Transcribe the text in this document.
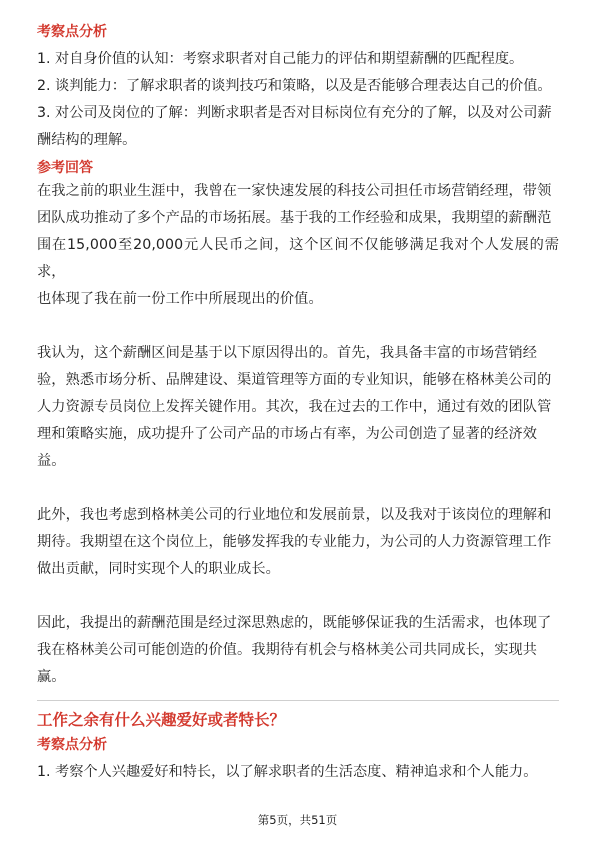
考察点分析

1. 对自身价值的认知：考察求职者对自己能力的评估和期望薪酬的匹配程度。

2. 谈判能力：了解求职者的谈判技巧和策略，以及是否能够合理表达自己的价值。

3. 对公司及岗位的了解：判断求职者是否对目标岗位有充分的了解，以及对公司薪

酬结构的理解。

参考回答

在我之前的职业生涯中，我曾在一家快速发展的科技公司担任市场营销经理，带领

团队成功推动了多个产品的市场拓展。基于我的工作经验和成果，我期望的薪酬范

围在15,000至20,000元人民币之间，这个区间不仅能够满足我对个人发展的需求，

也体现了我在前一份工作中所展现出的价值。

我认为，这个薪酬区间是基于以下原因得出的。首先，我具备丰富的市场营销经

验，熟悉市场分析、品牌建设、渠道管理等方面的专业知识，能够在格林美公司的

人力资源专员岗位上发挥关键作用。其次，我在过去的工作中，通过有效的团队管

理和策略实施，成功提升了公司产品的市场占有率，为公司创造了显著的经济效

益。

此外，我也考虑到格林美公司的行业地位和发展前景，以及我对于该岗位的理解和

期待。我期望在这个岗位上，能够发挥我的专业能力，为公司的人力资源管理工作

做出贡献，同时实现个人的职业成长。

因此，我提出的薪酬范围是经过深思熟虑的，既能够保证我的生活需求，也体现了

我在格林美公司可能创造的价值。我期待有机会与格林美公司共同成长，实现共

赢。

工作之余有什么兴趣爱好或者特长？

考察点分析

1. 考察个人兴趣爱好和特长，以了解求职者的生活态度、精神追求和个人能力。

第5页，共51页
